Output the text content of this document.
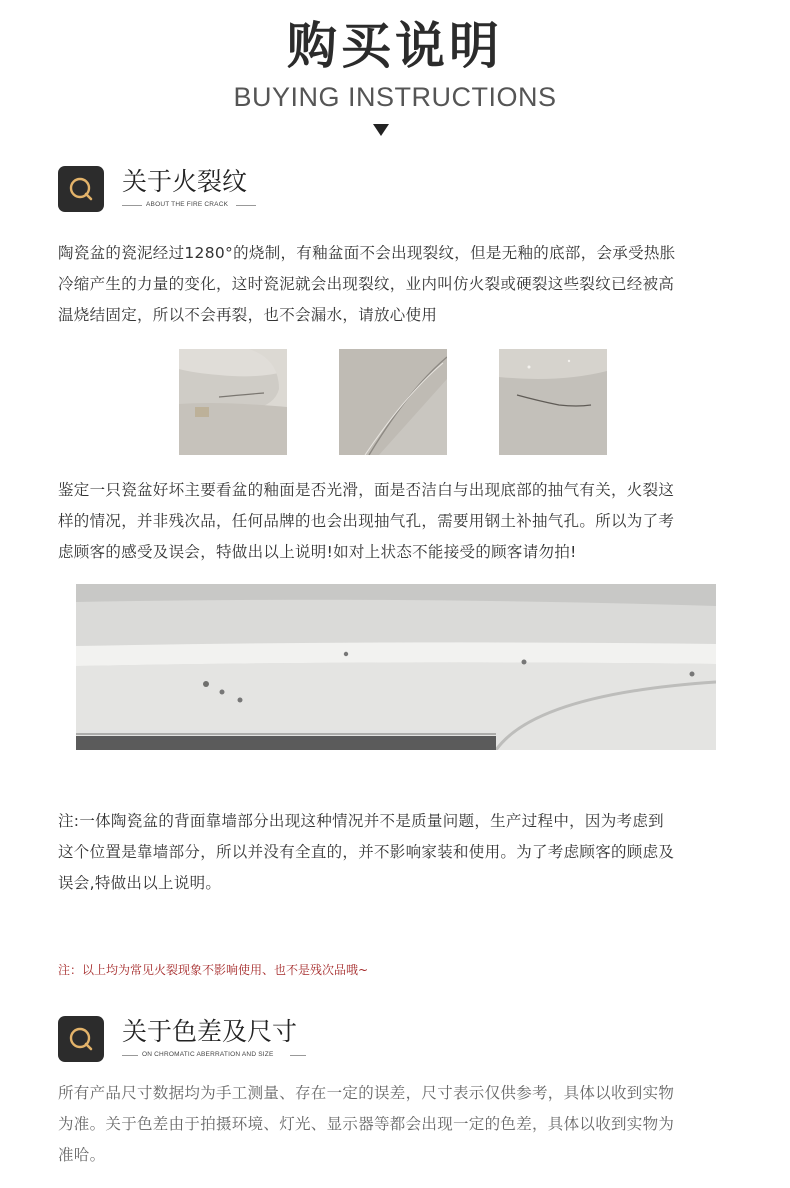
购买说明
BUYING INSTRUCTIONS
关于火裂纹
ABOUT THE FIRE CRACK
陶瓷盆的瓷泥经过1280°的烧制，有釉盆面不会出现裂纹，但是无釉的底部，会承受热胀
冷缩产生的力量的变化，这时瓷泥就会出现裂纹，业内叫仿火裂或硬裂这些裂纹已经被高
温烧结固定，所以不会再裂，也不会漏水，请放心使用
鉴定一只瓷盆好坏主要看盆的釉面是否光滑，面是否洁白与出现底部的抽气有关，火裂这
样的情况，并非残次品，任何品牌的也会出现抽气孔，需要用钢土补抽气孔。所以为了考
虑顾客的感受及误会，特做出以上说明!如对上状态不能接受的顾客请勿拍!
注:一体陶瓷盆的背面靠墙部分出现这种情况并不是质量问题，生产过程中，因为考虑到
这个位置是靠墙部分，所以并没有全直的，并不影响家装和使用。为了考虑顾客的顾虑及
误会,特做出以上说明。
注：以上均为常见火裂现象不影响使用、也不是残次品哦~
关于色差及尺寸
ON CHROMATIC ABERRATION AND SIZE
所有产品尺寸数据均为手工测量、存在一定的误差，尺寸表示仅供参考，具体以收到实物
为准。关于色差由于拍摄环境、灯光、显示器等都会出现一定的色差，具体以收到实物为
准哈。
